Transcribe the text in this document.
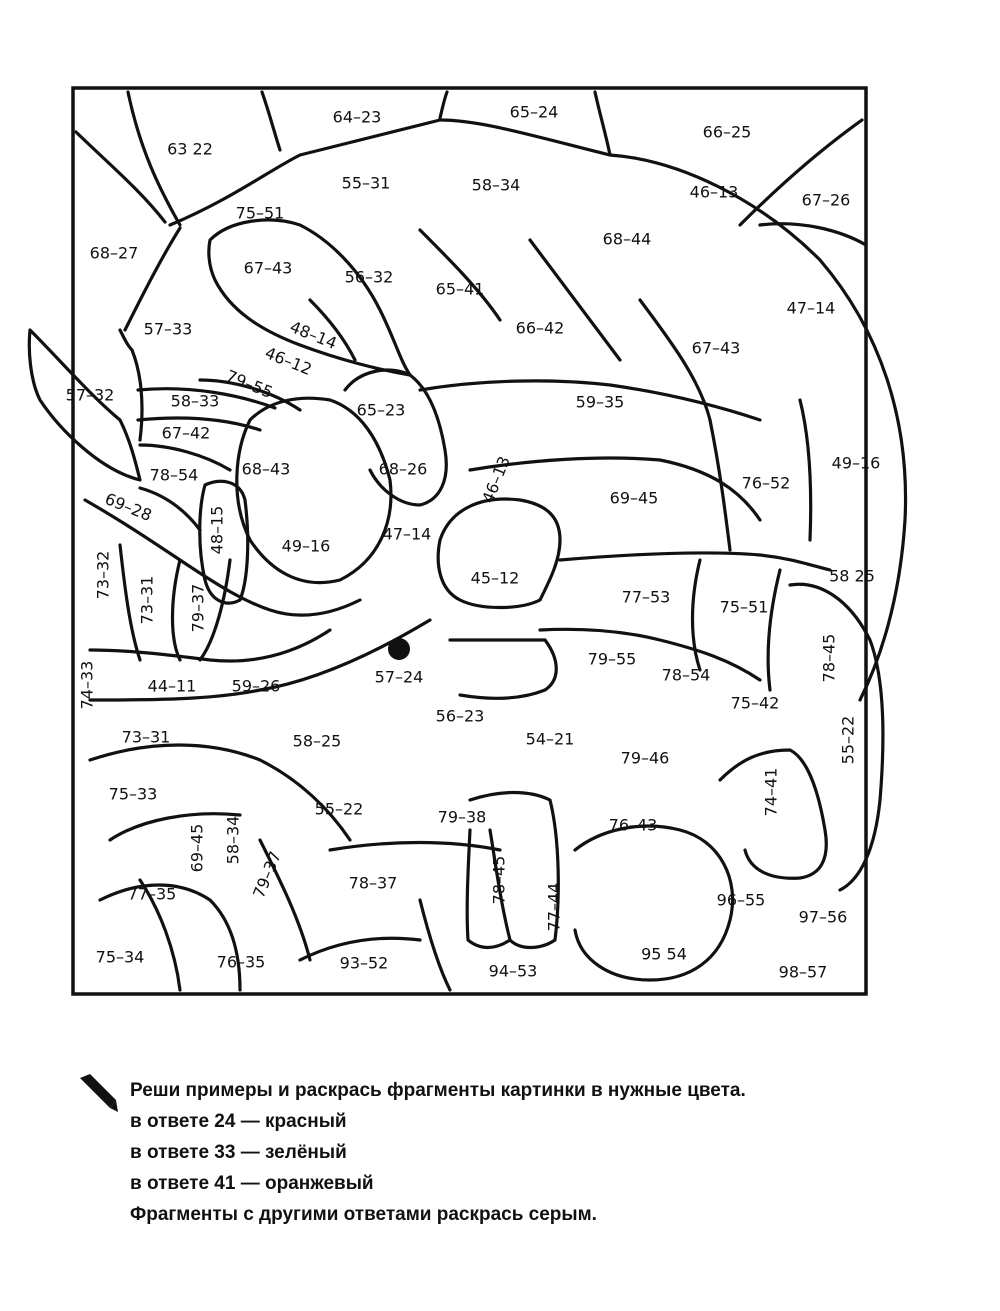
63 22
64–23	65–24
66–25
55–31	58–34	46–13	67–26
75–51
68–44
68–27
67–43	56–32
65–41
47–14
57–33	66–42
48–14	67–43
46–12
79–55
57–32	58–33	59–35
65–23
67–42
49–16
68–43	68–26
78–54	46–13	76–52
69–45
69–28	48–15	47–14
49–16
73–32	45–12	58 25
73–31	77–53
79–37	75–51
78–45
79–55
74–33	57–24	78–54
44–11 59–26
75–42
56–23
58–25
73–31	54–21	55–22
79–46
74–41
75–33
55–22	79–38	76–43
58–34
69–45
79–37	78–45
78–37
77–35	96–55
77–44	97–56
95 54
75–34	76–35	93–52	94–53	98–57
Реши примеры и раскрась фрагменты картинки в нужные цвета.
в ответе 24 — красный
в ответе 33 — зелёный
в ответе 41 — оранжевый
Фрагменты с другими ответами раскрась серым.
